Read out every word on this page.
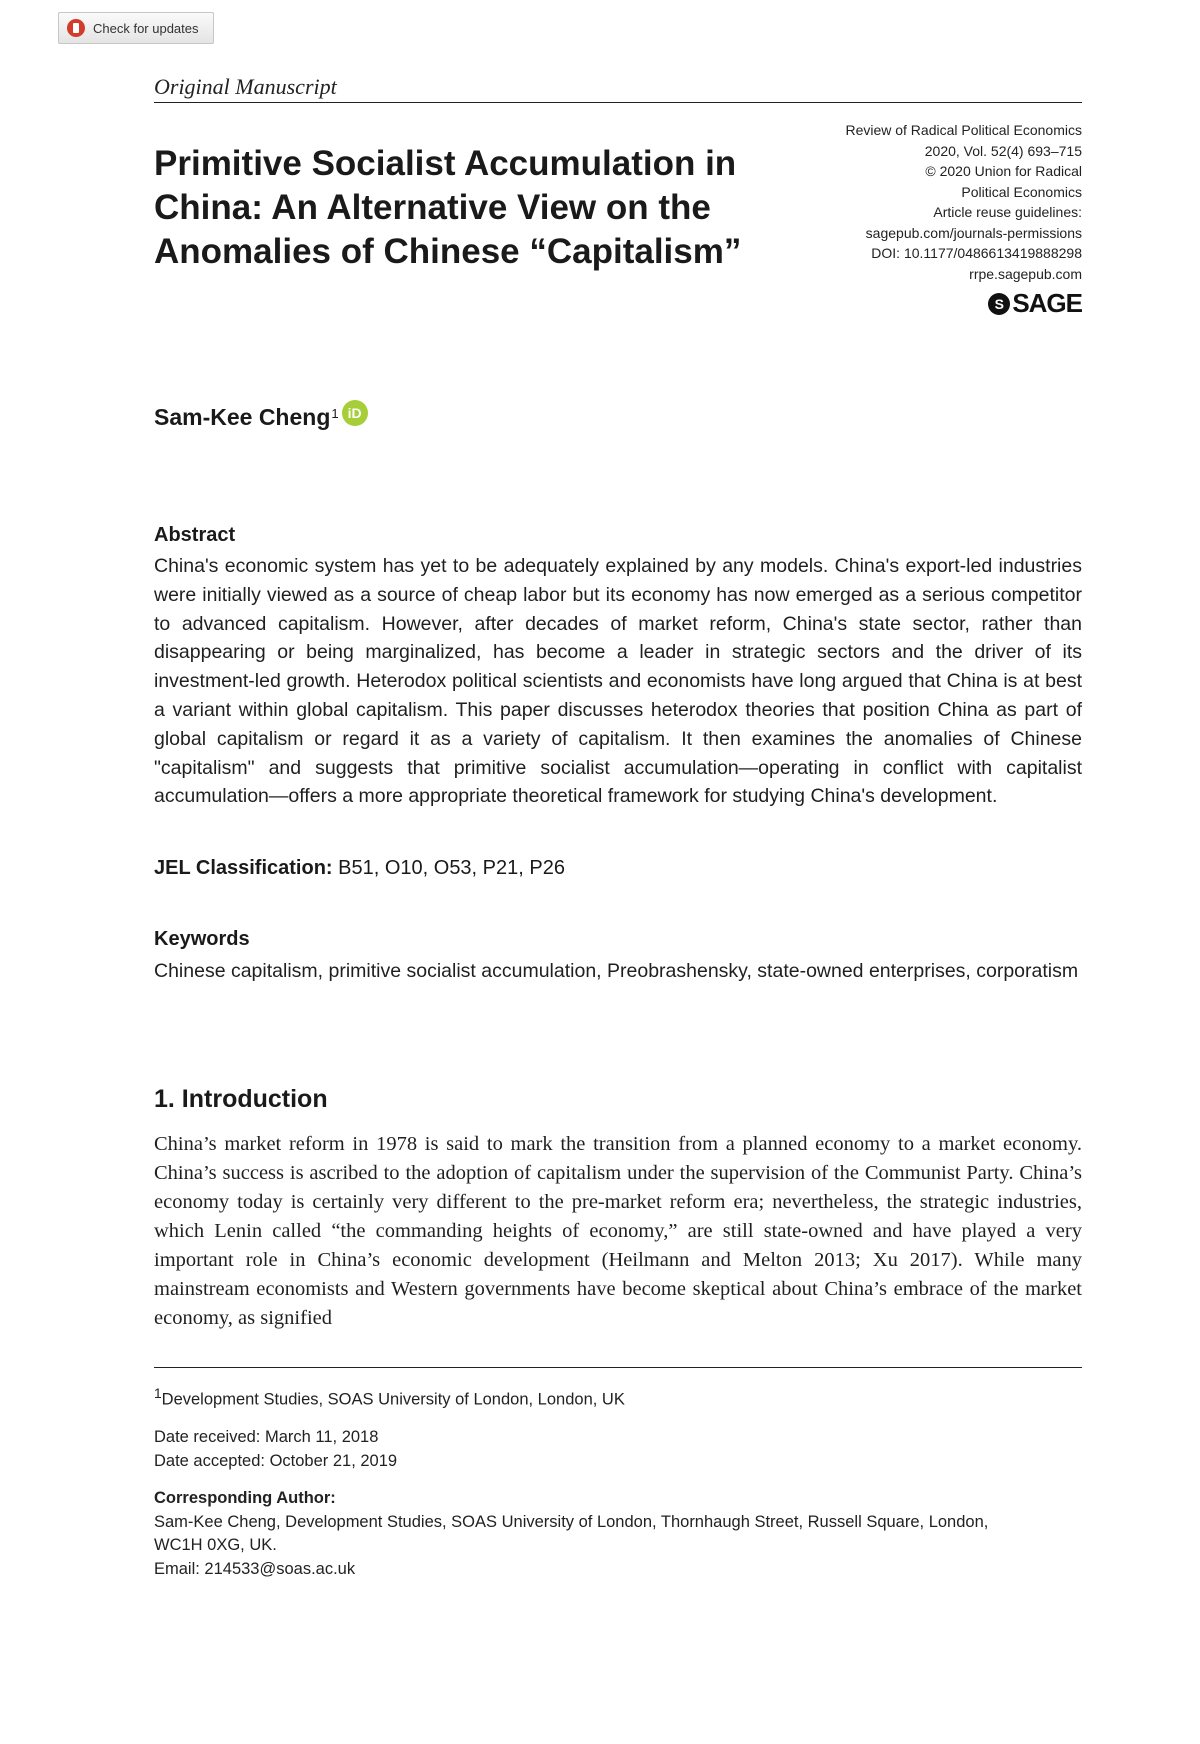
Check for updates
Original Manuscript
Primitive Socialist Accumulation in China: An Alternative View on the Anomalies of Chinese “Capitalism”
Review of Radical Political Economics
2020, Vol. 52(4) 693–715
© 2020 Union for Radical
Political Economics
Article reuse guidelines:
sagepub.com/journals-permissions
DOI: 10.1177/0486613419888298
rrpe.sagepub.com
S SAGE
Sam-Kee Cheng 1 iD
Abstract

China's economic system has yet to be adequately explained by any models. China's export-led industries were initially viewed as a source of cheap labor but its economy has now emerged as a serious competitor to advanced capitalism. However, after decades of market reform, China's state sector, rather than disappearing or being marginalized, has become a leader in strategic sectors and the driver of its investment-led growth. Heterodox political scientists and economists have long argued that China is at best a variant within global capitalism. This paper discusses heterodox theories that position China as part of global capitalism or regard it as a variety of capitalism. It then examines the anomalies of Chinese "capitalism" and suggests that primitive socialist accumulation—operating in conflict with capitalist accumulation—offers a more appropriate theoretical framework for studying China's development.

JEL Classification: B51, O10, O53, P21, P26

Keywords

Chinese capitalism, primitive socialist accumulation, Preobrashensky, state-owned enterprises, corporatism

1. Introduction

China’s market reform in 1978 is said to mark the transition from a planned economy to a market economy. China’s success is ascribed to the adoption of capitalism under the supervision of the Communist Party. China’s economy today is certainly very different to the pre-market reform era; nevertheless, the strategic industries, which Lenin called “the commanding heights of economy,” are still state-owned and have played a very important role in China’s economic development (Heilmann and Melton 2013; Xu 2017). While many mainstream economists and Western governments have become skeptical about China’s embrace of the market economy, as signified

$^1$Development Studies, SOAS University of London, London, UK

Date received: March 11, 2018

Date accepted: October 21, 2019

Corresponding Author:

Sam-Kee Cheng, Development Studies, SOAS University of London, Thornhaugh Street, Russell Square, London,

WC1H 0XG, UK.

Email: 214533@soas.ac.uk
